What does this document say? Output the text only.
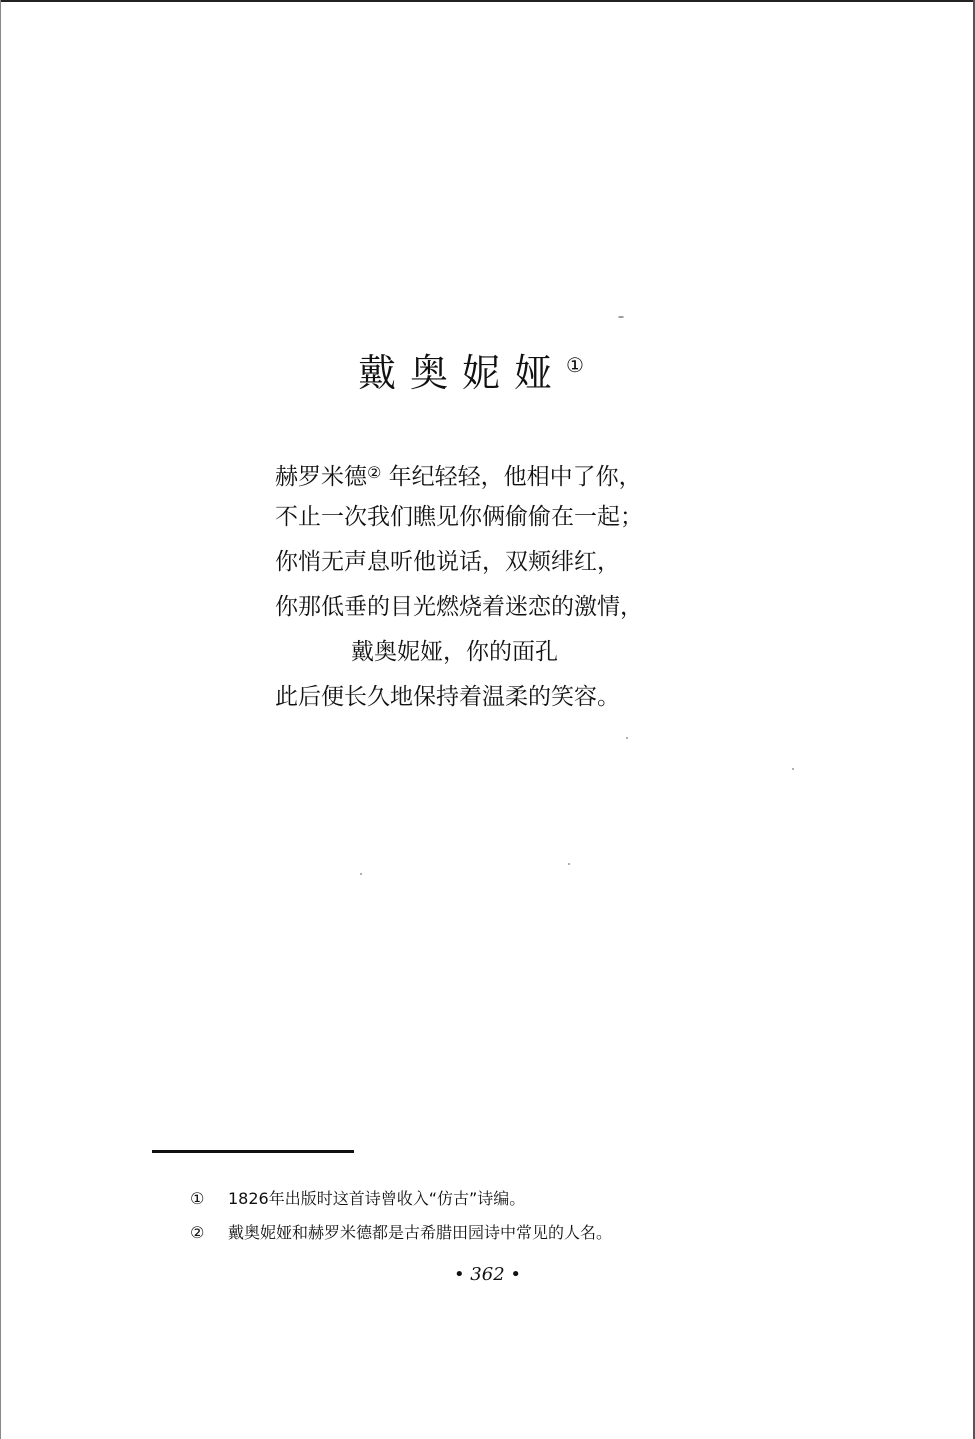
戴奥妮娅①
赫罗米德② 年纪轻轻，他相中了你，
不止一次我们瞧见你俩偷偷在一起；
你悄无声息听他说话，双颊绯红，
你那低垂的目光燃烧着迷恋的激情，
戴奥妮娅，你的面孔
此后便长久地保持着温柔的笑容。
① 1826年出版时这首诗曾收入“仿古”诗编。
② 戴奥妮娅和赫罗米德都是古希腊田园诗中常见的人名。
• 362 •
